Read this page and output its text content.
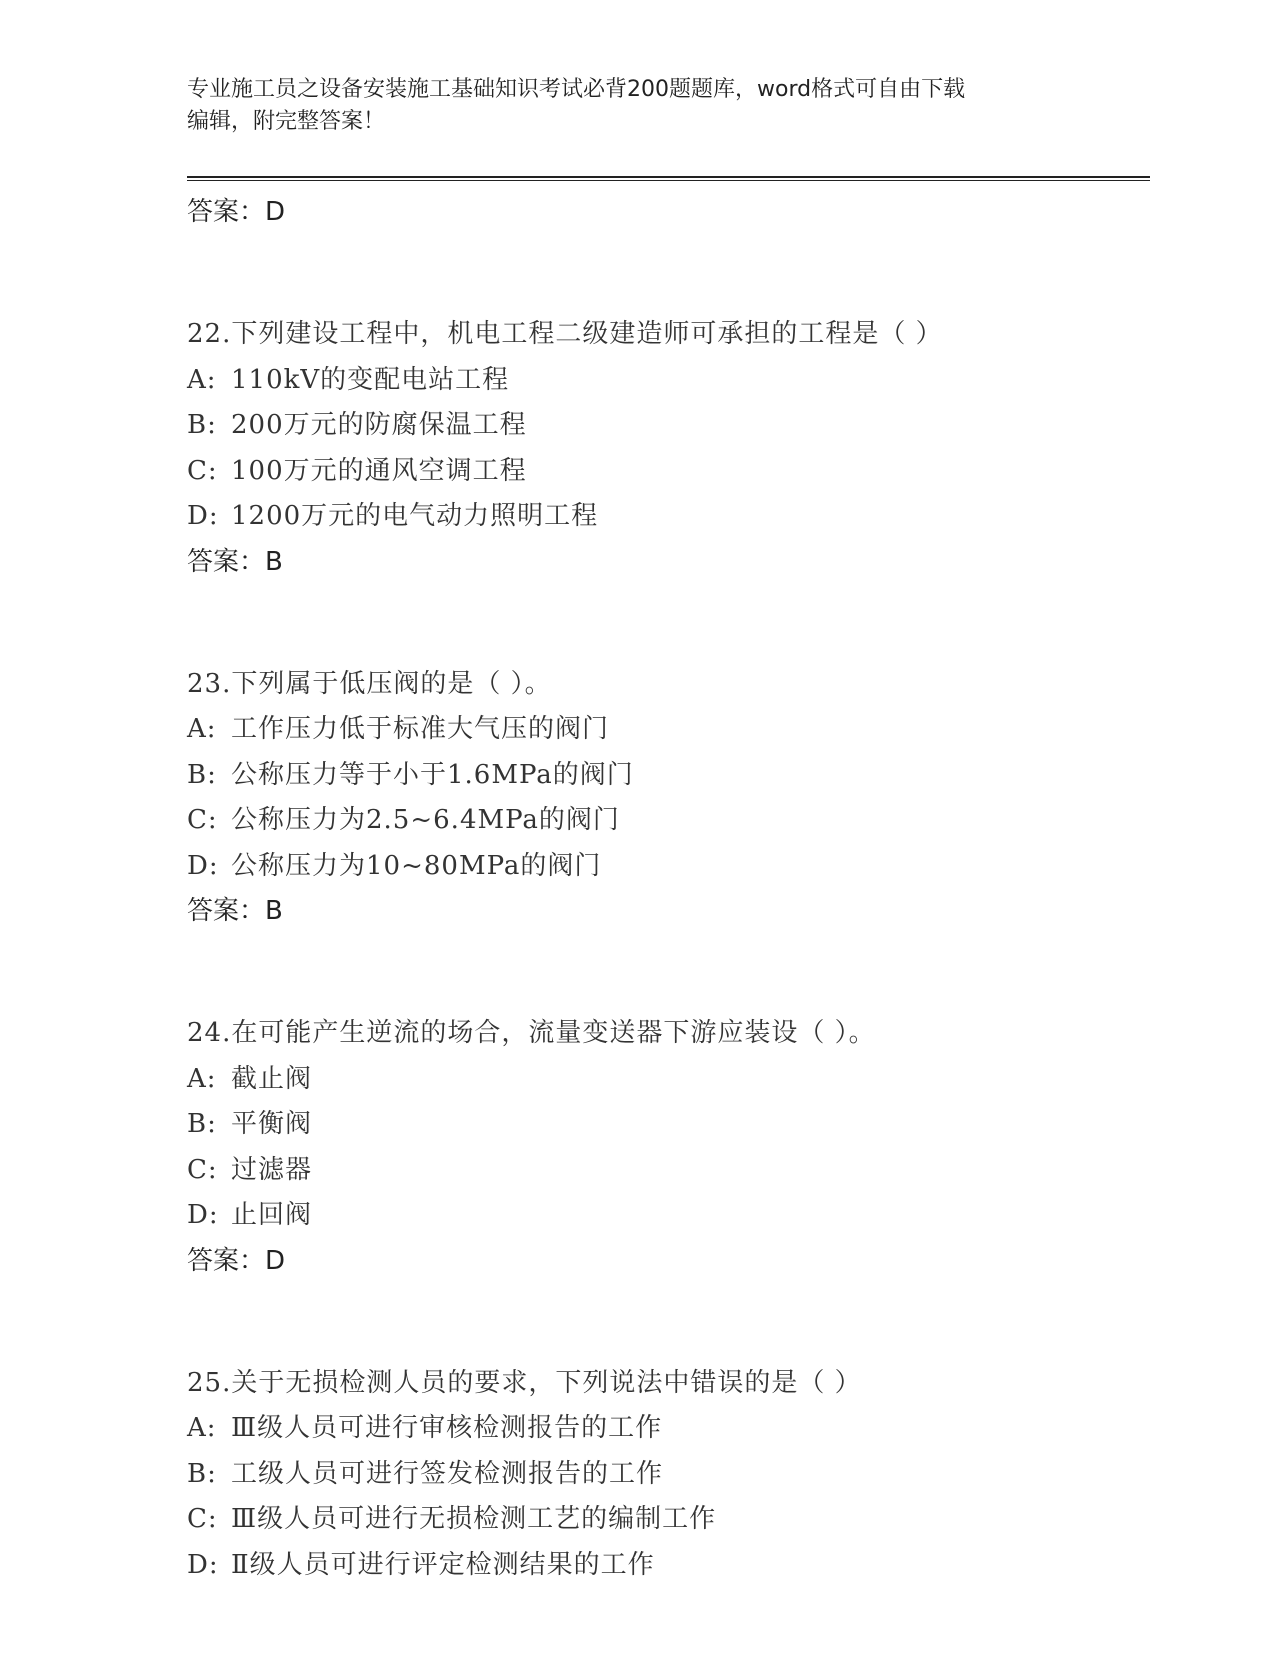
专业施工员之设备安装施工基础知识考试必背200题题库，word格式可自由下载
编辑，附完整答案！
答案：D
22.下列建设工程中，机电工程二级建造师可承担的工程是（ ）
A: 110kV的变配电站工程
B: 200万元的防腐保温工程
C: 100万元的通风空调工程
D: 1200万元的电气动力照明工程
答案：B
23.下列属于低压阀的是（ ）。
A: 工作压力低于标准大气压的阀门
B: 公称压力等于小于1.6MPa的阀门
C: 公称压力为2.5~6.4MPa的阀门
D: 公称压力为10~80MPa的阀门
答案：B
24.在可能产生逆流的场合，流量变送器下游应装设（ ）。
A: 截止阀
B: 平衡阀
C: 过滤器
D: 止回阀
答案：D
25.关于无损检测人员的要求，下列说法中错误的是（ ）
A: Ⅲ级人员可进行审核检测报告的工作
B: 工级人员可进行签发检测报告的工作
C: Ⅲ级人员可进行无损检测工艺的编制工作
D: Ⅱ级人员可进行评定检测结果的工作
